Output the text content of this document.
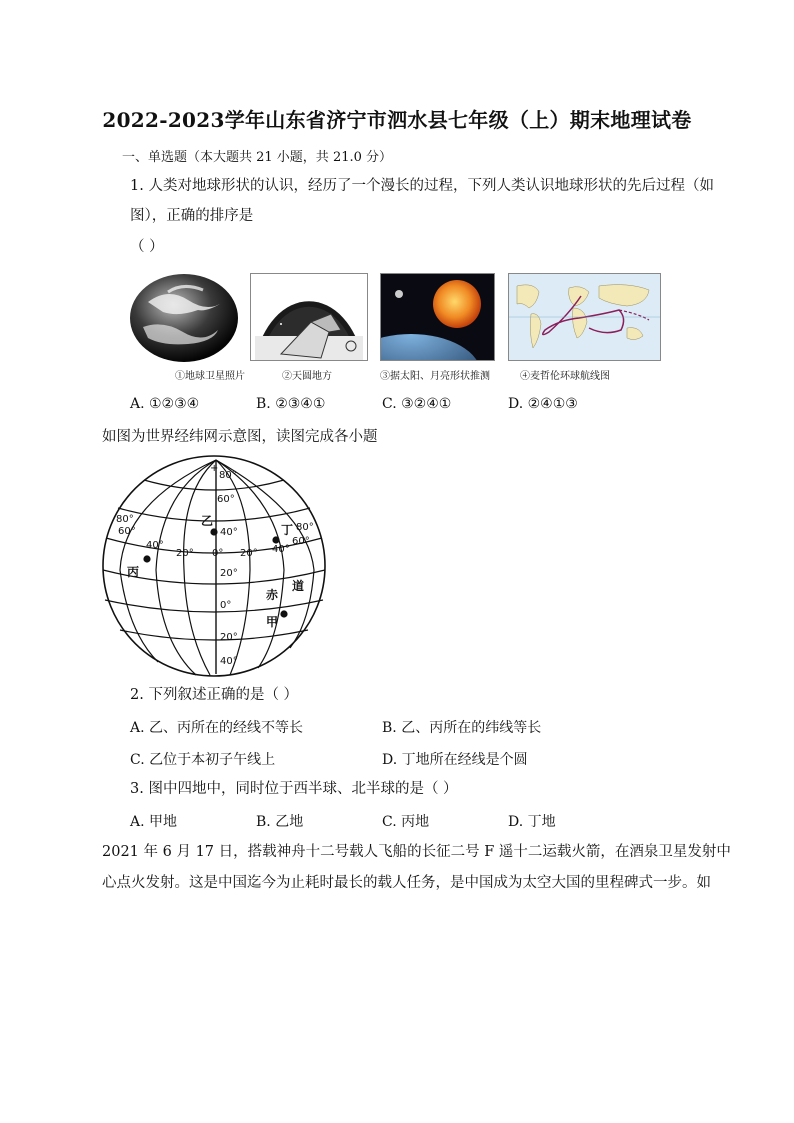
2022-2023学年山东省济宁市泗水县七年级（上）期末地理试卷
一、单选题（本大题共 21 小题，共 21.0 分）
1. 人类对地球形状的认识，经历了一个漫长的过程，下列人类认识地球形状的先后过程（如
图），正确的排序是
（ ）
①地球卫星照片	②天圆地方	③据太阳、月亮形状推测	④麦哲伦环球航线图
A. ①②③④	B. ②③④①	C. ③②④①	D. ②④①③
如图为世界经纬网示意图，读图完成各小题
+
80°
60°
40°
20°
0°
20°
40°
0°
20°
40°
60°
80°
20° 40°
60°
80°
乙
丙
丁
甲
赤
道
2. 下列叙述正确的是（ ）
A. 乙、丙所在的经线不等长	B. 乙、丙所在的纬线等长
C. 乙位于本初子午线上	D. 丁地所在经线是个圆
3. 图中四地中，同时位于西半球、北半球的是（ ）
A. 甲地	B. 乙地	C. 丙地	D. 丁地
2021 年 6 月 17 日，搭载神舟十二号载人飞船的长征二号 F 遥十二运载火箭，在酒泉卫星发射中
心点火发射。这是中国迄今为止耗时最长的载人任务，是中国成为太空大国的里程碑式一步。如
